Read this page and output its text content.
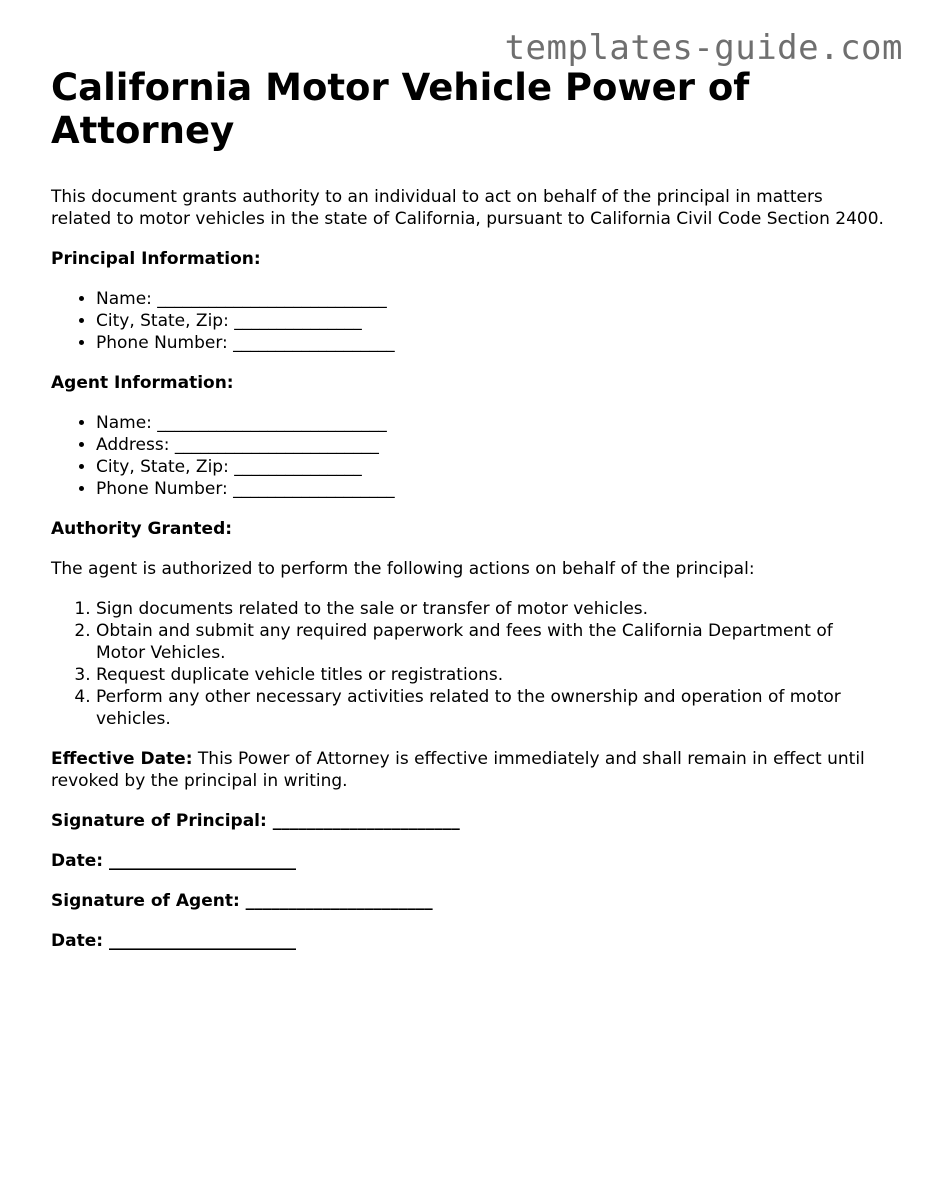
templates-guide.com
California Motor Vehicle Power of Attorney

This document grants authority to an individual to act on behalf of the principal in matters related to motor vehicles in the state of California, pursuant to California Civil Code Section 2400.

Principal Information:

• Name: ___________________________
• City, State, Zip: _______________
• Phone Number: ___________________

Agent Information:

• Name: ___________________________
• Address: ________________________
• City, State, Zip: _______________
• Phone Number: ___________________

Authority Granted:

The agent is authorized to perform the following actions on behalf of the principal:

1. Sign documents related to the sale or transfer of motor vehicles.
2. Obtain and submit any required paperwork and fees with the California Department of Motor Vehicles.
3. Request duplicate vehicle titles or registrations.
4. Perform any other necessary activities related to the ownership and operation of motor vehicles.

Effective Date: This Power of Attorney is effective immediately and shall remain in effect until revoked by the principal in writing.

Signature of Principal: ______________________

Date: ______________________

Signature of Agent: ______________________

Date: ______________________
